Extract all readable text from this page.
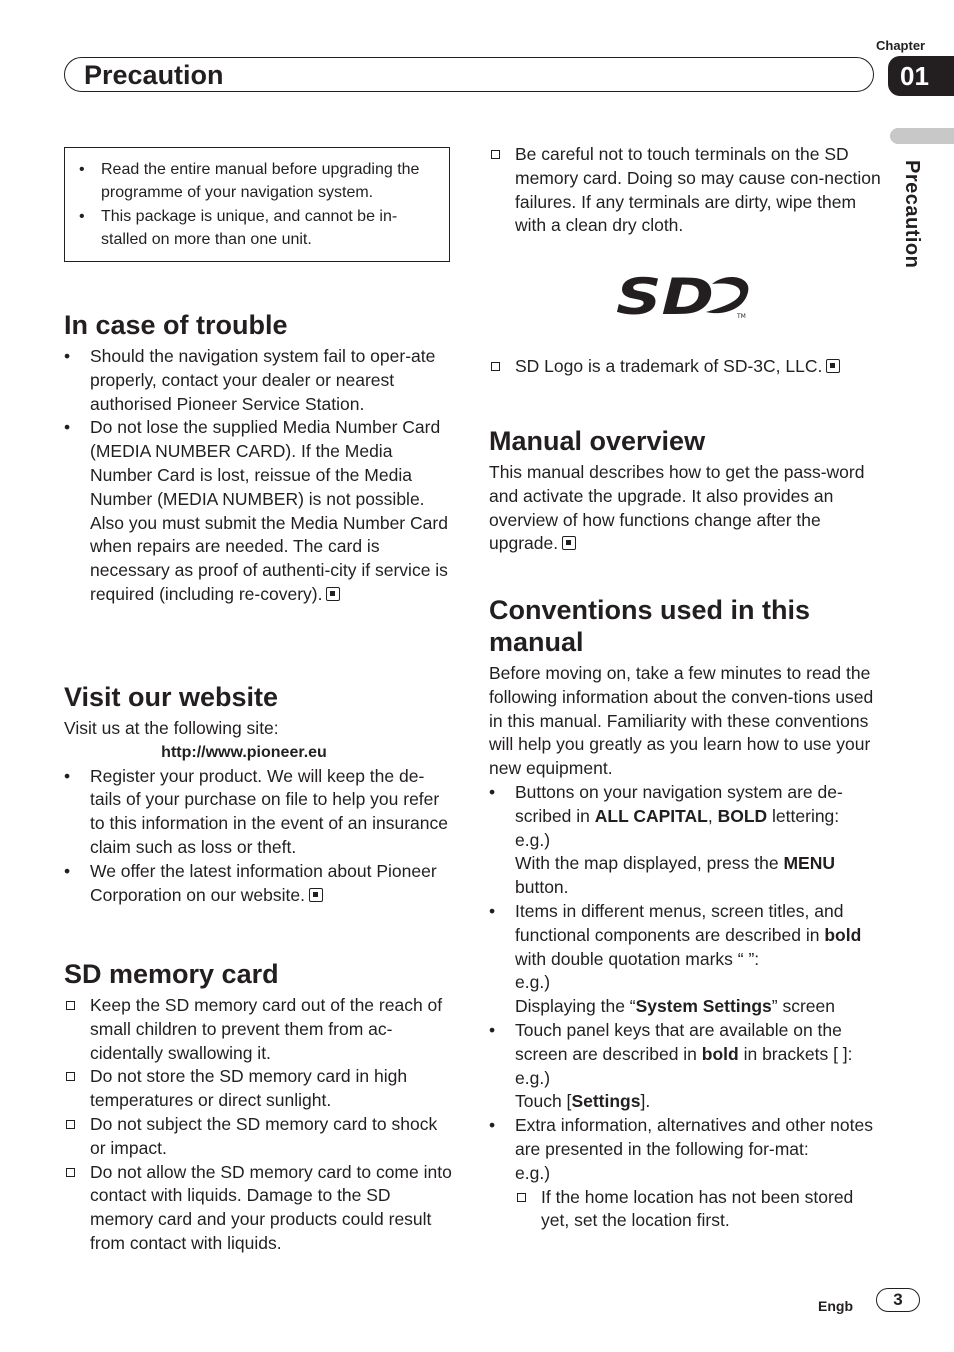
Chapter
01
Precaution
Precaution
• Read the entire manual before upgrading the programme of your navigation system.
• This package is unique, and cannot be in-stalled on more than one unit.
In case of trouble
• Should the navigation system fail to oper-ate properly, contact your dealer or nearest authorised Pioneer Service Station.
• Do not lose the supplied Media Number Card (MEDIA NUMBER CARD). If the Media Number Card is lost, reissue of the Media Number (MEDIA NUMBER) is not possible. Also you must submit the Media Number Card when repairs are needed. The card is necessary as proof of authenti-city if service is required (including re-covery).
Visit our website

Visit us at the following site:

http://www.pioneer.eu

• Register your product. We will keep the de-tails of your purchase on file to help you refer to this information in the event of an insurance claim such as loss or theft.
• We offer the latest information about Pioneer Corporation on our website.
SD memory card
Keep the SD memory card out of the reach of small children to prevent them from ac-cidentally swallowing it.
Do not store the SD memory card in high temperatures or direct sunlight.
Do not subject the SD memory card to shock or impact.
Do not allow the SD memory card to come into contact with liquids. Damage to the SD memory card and your products could result from contact with liquids.
Be careful not to touch terminals on the SD memory card. Doing so may cause con-nection failures. If any terminals are dirty, wipe them with a clean dry cloth.
SD	TM
SD Logo is a trademark of SD-3C, LLC.
Manual overview

This manual describes how to get the pass-word and activate the upgrade. It also provides an overview of how functions change after the upgrade.

Conventions used in this manual

Before moving on, take a few minutes to read the following information about the conven-tions used in this manual. Familiarity with these conventions will help you greatly as you learn how to use your new equipment.

• Buttons on your navigation system are de-scribed in ALL CAPITAL, BOLD lettering:
e.g.)
With the map displayed, press the MENU button.
• Items in different menus, screen titles, and functional components are described in bold with double quotation marks “ ”:
e.g.)
Displaying the “System Settings” screen
• Touch panel keys that are available on the screen are described in bold in brackets [ ]:
e.g.)
Touch [Settings].
• Extra information, alternatives and other notes are presented in the following for-mat:
e.g.)
If the home location has not been stored yet, set the location first.
Engb	3
